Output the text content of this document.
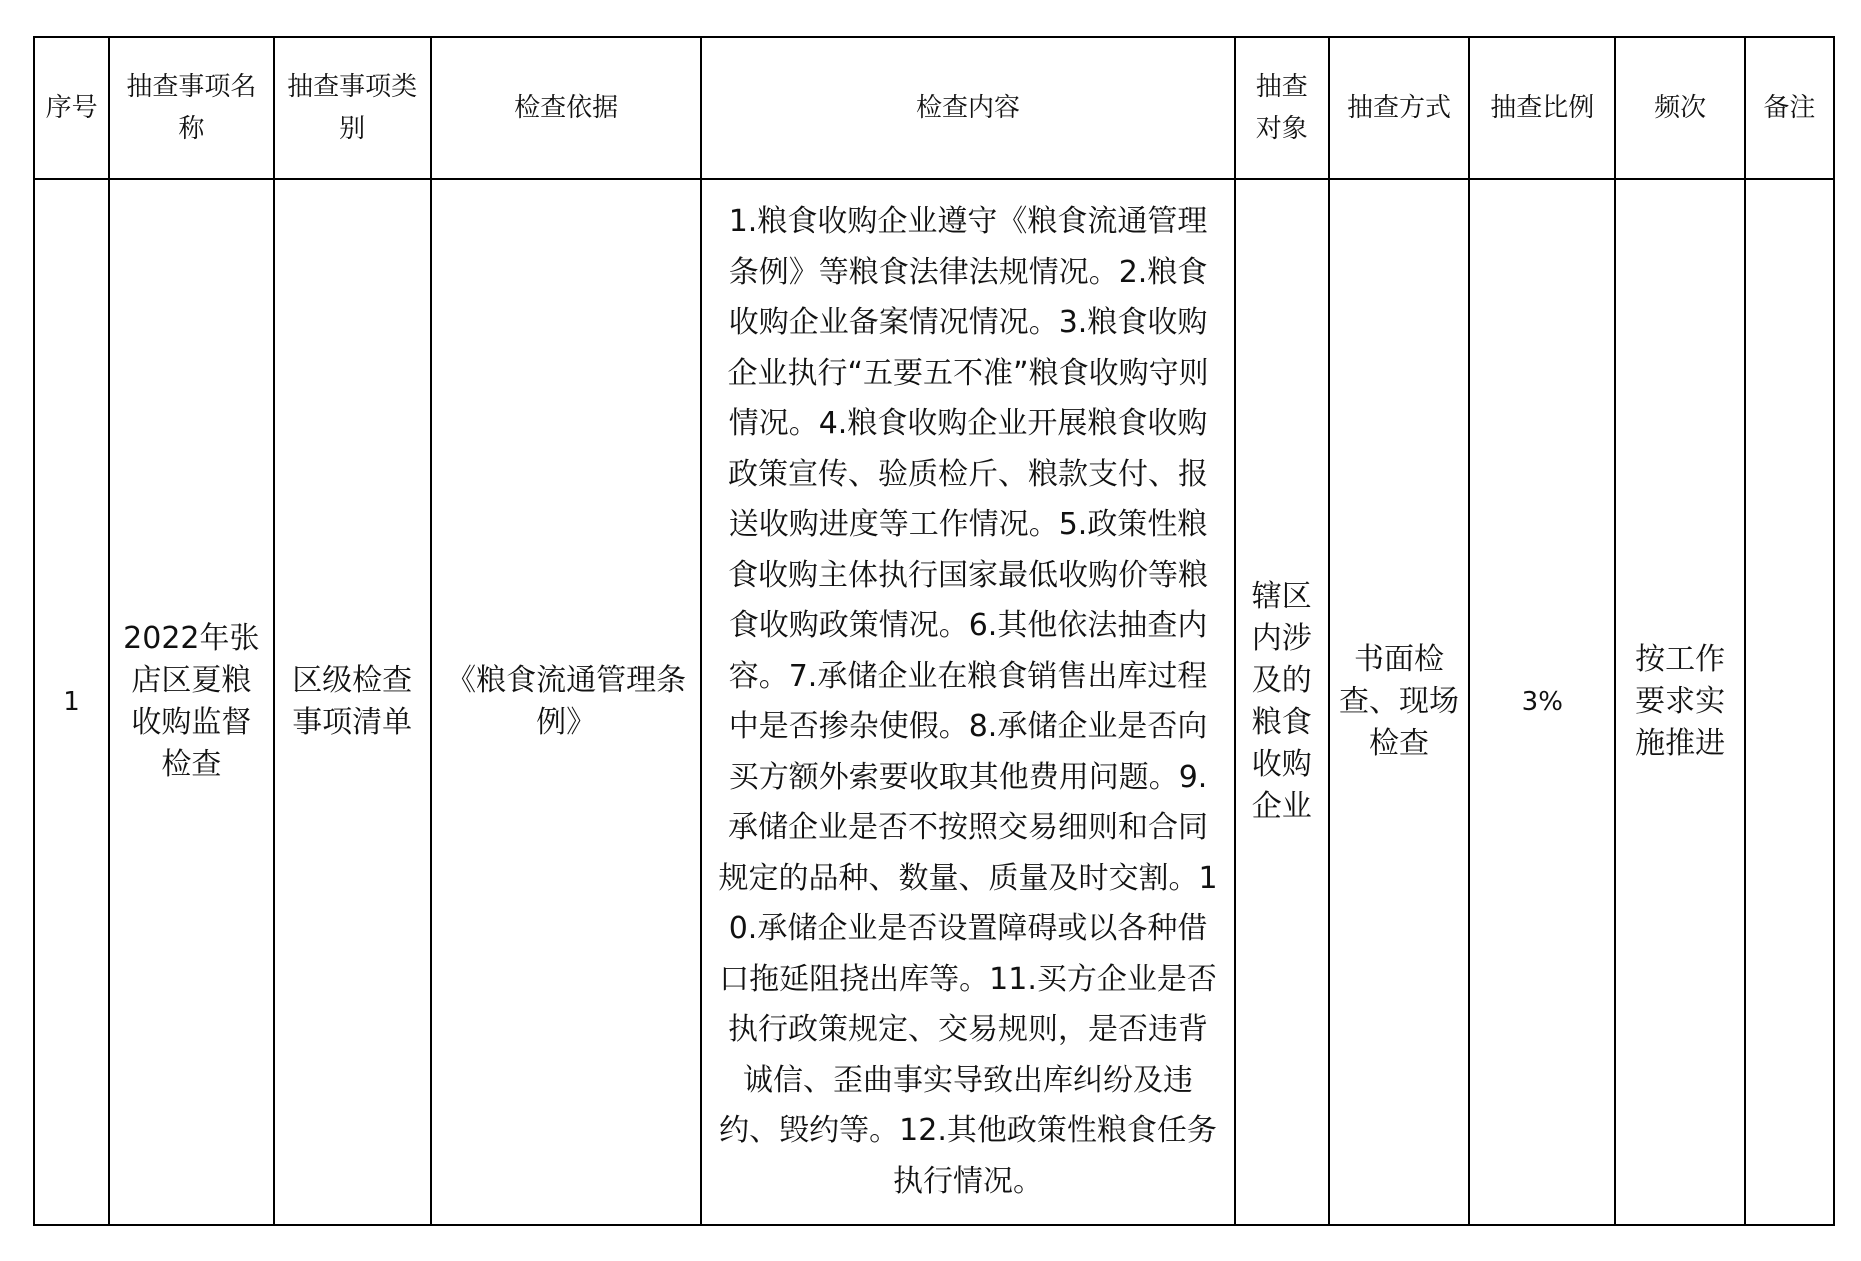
序号	抽查事项名称	抽查事项类别	检查依据	检查内容	抽查对象	抽查方式	抽查比例	频次	备注
1	2022年张店区夏粮收购监督检查	区级检查事项清单	《粮食流通管理条例》	1.粮食收购企业遵守《粮食流通管理条例》等粮食法律法规情况。2.粮食收购企业备案情况情况。3.粮食收购企业执行“五要五不准”粮食收购守则情况。4.粮食收购企业开展粮食收购政策宣传、验质检斤、粮款支付、报送收购进度等工作情况。5.政策性粮食收购主体执行国家最低收购价等粮食收购政策情况。6.其他依法抽查内容。7.承储企业在粮食销售出库过程中是否掺杂使假。8.承储企业是否向买方额外索要收取其他费用问题。9.承储企业是否不按照交易细则和合同规定的品种、数量、质量及时交割。10.承储企业是否设置障碍或以各种借口拖延阻挠出库等。11.买方企业是否执行政策规定、交易规则，是否违背诚信、歪曲事实导致出库纠纷及违约、毁约等。12.其他政策性粮食任务执行情况。	辖区内涉及的粮食收购企业	书面检查、现场检查	3%	按工作要求实施推进	
